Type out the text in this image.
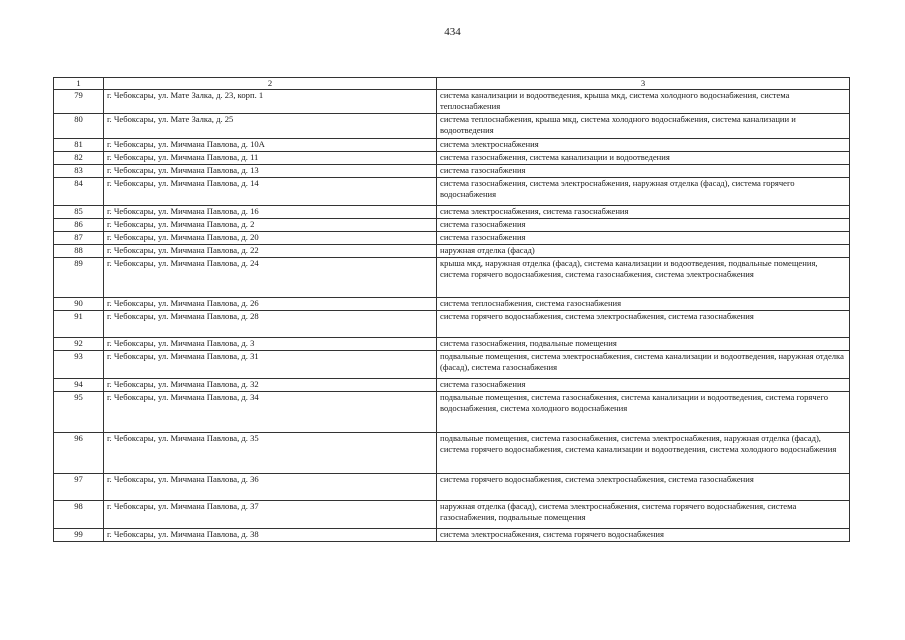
434
1	2	3
79	г. Чебоксары, ул. Мате Залка, д. 23, корп. 1	система канализации и водоотведения, крыша мкд, система холодного водоснабжения, система теплоснабжения
80	г. Чебоксары, ул. Мате Залка, д. 25	система теплоснабжения, крыша мкд, система холодного водоснабжения, система канализации и водоотведения
81	г. Чебоксары, ул. Мичмана Павлова, д. 10А	система электроснабжения
82	г. Чебоксары, ул. Мичмана Павлова, д. 11	система газоснабжения, система канализации и водоотведения
83	г. Чебоксары, ул. Мичмана Павлова, д. 13	система газоснабжения
84	г. Чебоксары, ул. Мичмана Павлова, д. 14	система газоснабжения, система электроснабжения, наружная отделка (фасад), система горячего водоснабжения
85	г. Чебоксары, ул. Мичмана Павлова, д. 16	система электроснабжения, система газоснабжения
86	г. Чебоксары, ул. Мичмана Павлова, д. 2	система газоснабжения
87	г. Чебоксары, ул. Мичмана Павлова, д. 20	система газоснабжения
88	г. Чебоксары, ул. Мичмана Павлова, д. 22	наружная отделка (фасад)
89	г. Чебоксары, ул. Мичмана Павлова, д. 24	крыша мкд, наружная отделка (фасад), система канализации и водоотведения, подвальные помещения, система горячего водоснабжения, система газоснабжения, система электроснабжения
90	г. Чебоксары, ул. Мичмана Павлова, д. 26	система теплоснабжения, система газоснабжения
91	г. Чебоксары, ул. Мичмана Павлова, д. 28	система горячего водоснабжения, система электроснабжения, система газоснабжения
92	г. Чебоксары, ул. Мичмана Павлова, д. 3	система газоснабжения, подвальные помещения
93	г. Чебоксары, ул. Мичмана Павлова, д. 31	подвальные помещения, система электроснабжения, система канализации и водоотведения, наружная отделка (фасад), система газоснабжения
94	г. Чебоксары, ул. Мичмана Павлова, д. 32	система газоснабжения
95	г. Чебоксары, ул. Мичмана Павлова, д. 34	подвальные помещения, система газоснабжения, система канализации и водоотведения, система горячего водоснабжения, система холодного водоснабжения
96	г. Чебоксары, ул. Мичмана Павлова, д. 35	подвальные помещения, система газоснабжения, система электроснабжения, наружная отделка (фасад), система горячего водоснабжения, система канализации и водоотведения, система холодного водоснабжения
97	г. Чебоксары, ул. Мичмана Павлова, д. 36	система горячего водоснабжения, система электроснабжения, система газоснабжения
98	г. Чебоксары, ул. Мичмана Павлова, д. 37	наружная отделка (фасад), система электроснабжения, система горячего водоснабжения, система газоснабжения, подвальные помещения
99	г. Чебоксары, ул. Мичмана Павлова, д. 38	система электроснабжения, система горячего водоснабжения
